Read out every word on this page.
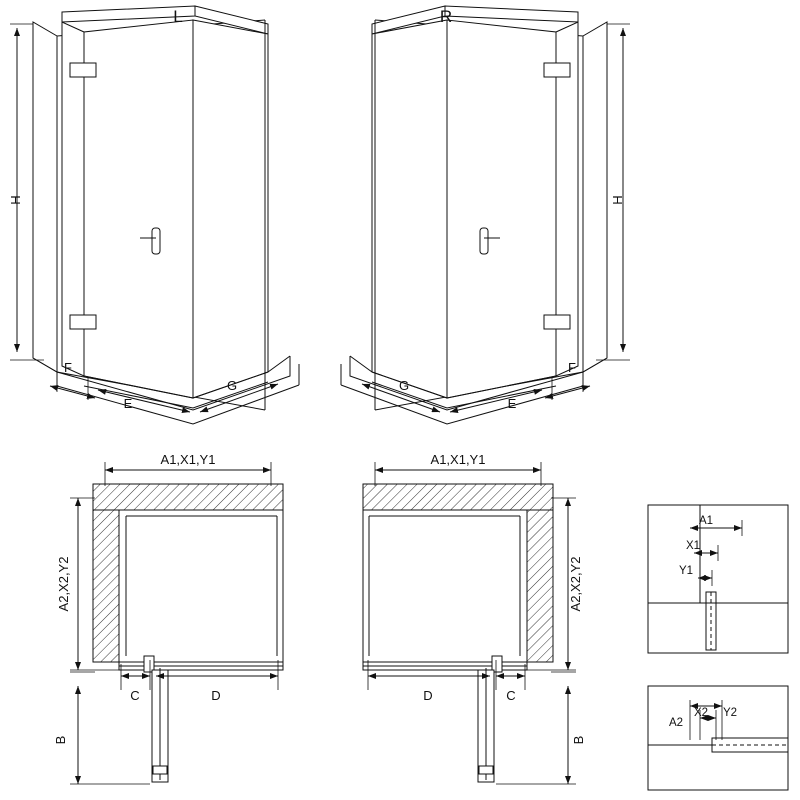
L	R
H
F
E
G
H
F
E
G
A1,X1,Y1
A2,X2,Y2
C	D
B
A1,X1,Y1
A2,X2,Y2
D	C
B
A1
X1
Y1
A2
X2 Y2
